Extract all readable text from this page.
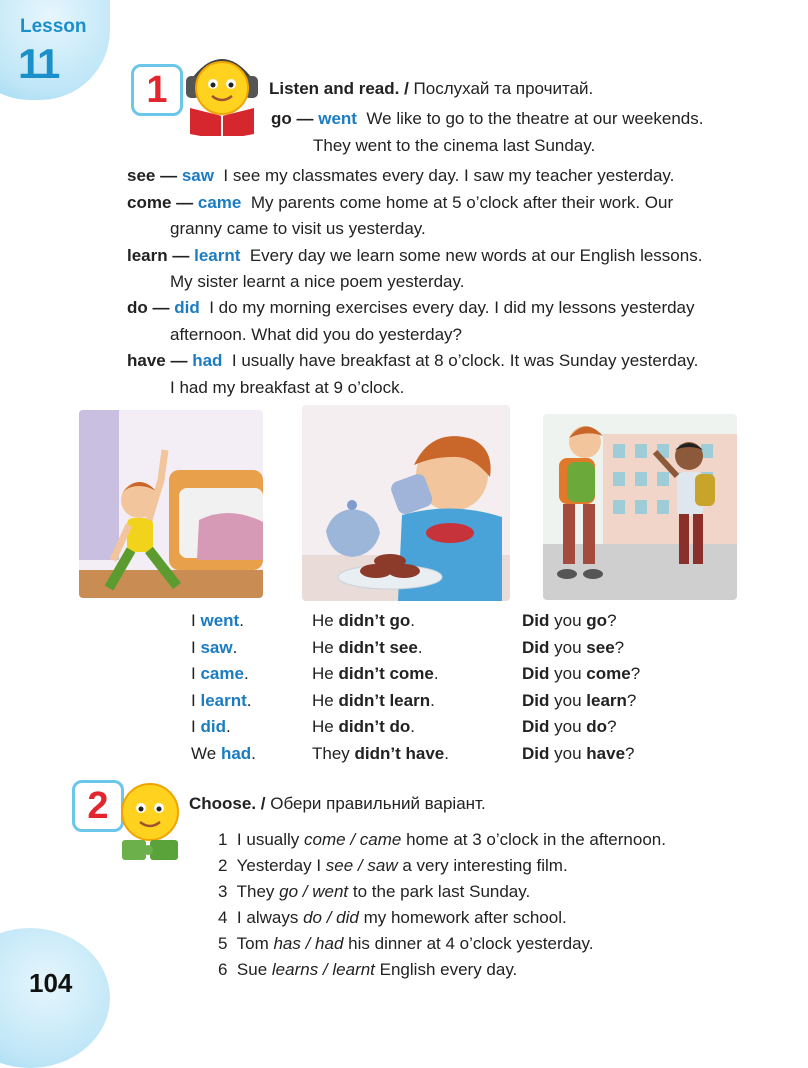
Lesson
11
1	Listen and read. / Послухай та прочитай.
go — went We like to go to the theatre at our weekends.
They went to the cinema last Sunday.
see — saw I see my classmates every day. I saw my teacher yesterday.
come — came My parents come home at 5 o’clock after their work. Our
granny came to visit us yesterday.
learn — learnt Every day we learn some new words at our English lessons.
My sister learnt a nice poem yesterday.
do — did I do my morning exercises every day. I did my lessons yesterday
afternoon. What did you do yesterday?
have — had I usually have breakfast at 8 o’clock. It was Sunday yesterday.
I had my breakfast at 9 o’clock.
I went.
I saw.
I came.
I learnt.
I did.
We had.
He didn’t go.
He didn’t see.
He didn’t come.
He didn’t learn.
He didn’t do.
They didn’t have.
Did you go?
Did you see?
Did you come?
Did you learn?
Did you do?
Did you have?
2	Choose. / Обери правильний варіант.
1 I usually come / came home at 3 o’clock in the afternoon.
2 Yesterday I see / saw a very interesting film.
3 They go / went to the park last Sunday.
4 I always do / did my homework after school.
5 Tom has / had his dinner at 4 o’clock yesterday.
6 Sue learns / learnt English every day.
104
